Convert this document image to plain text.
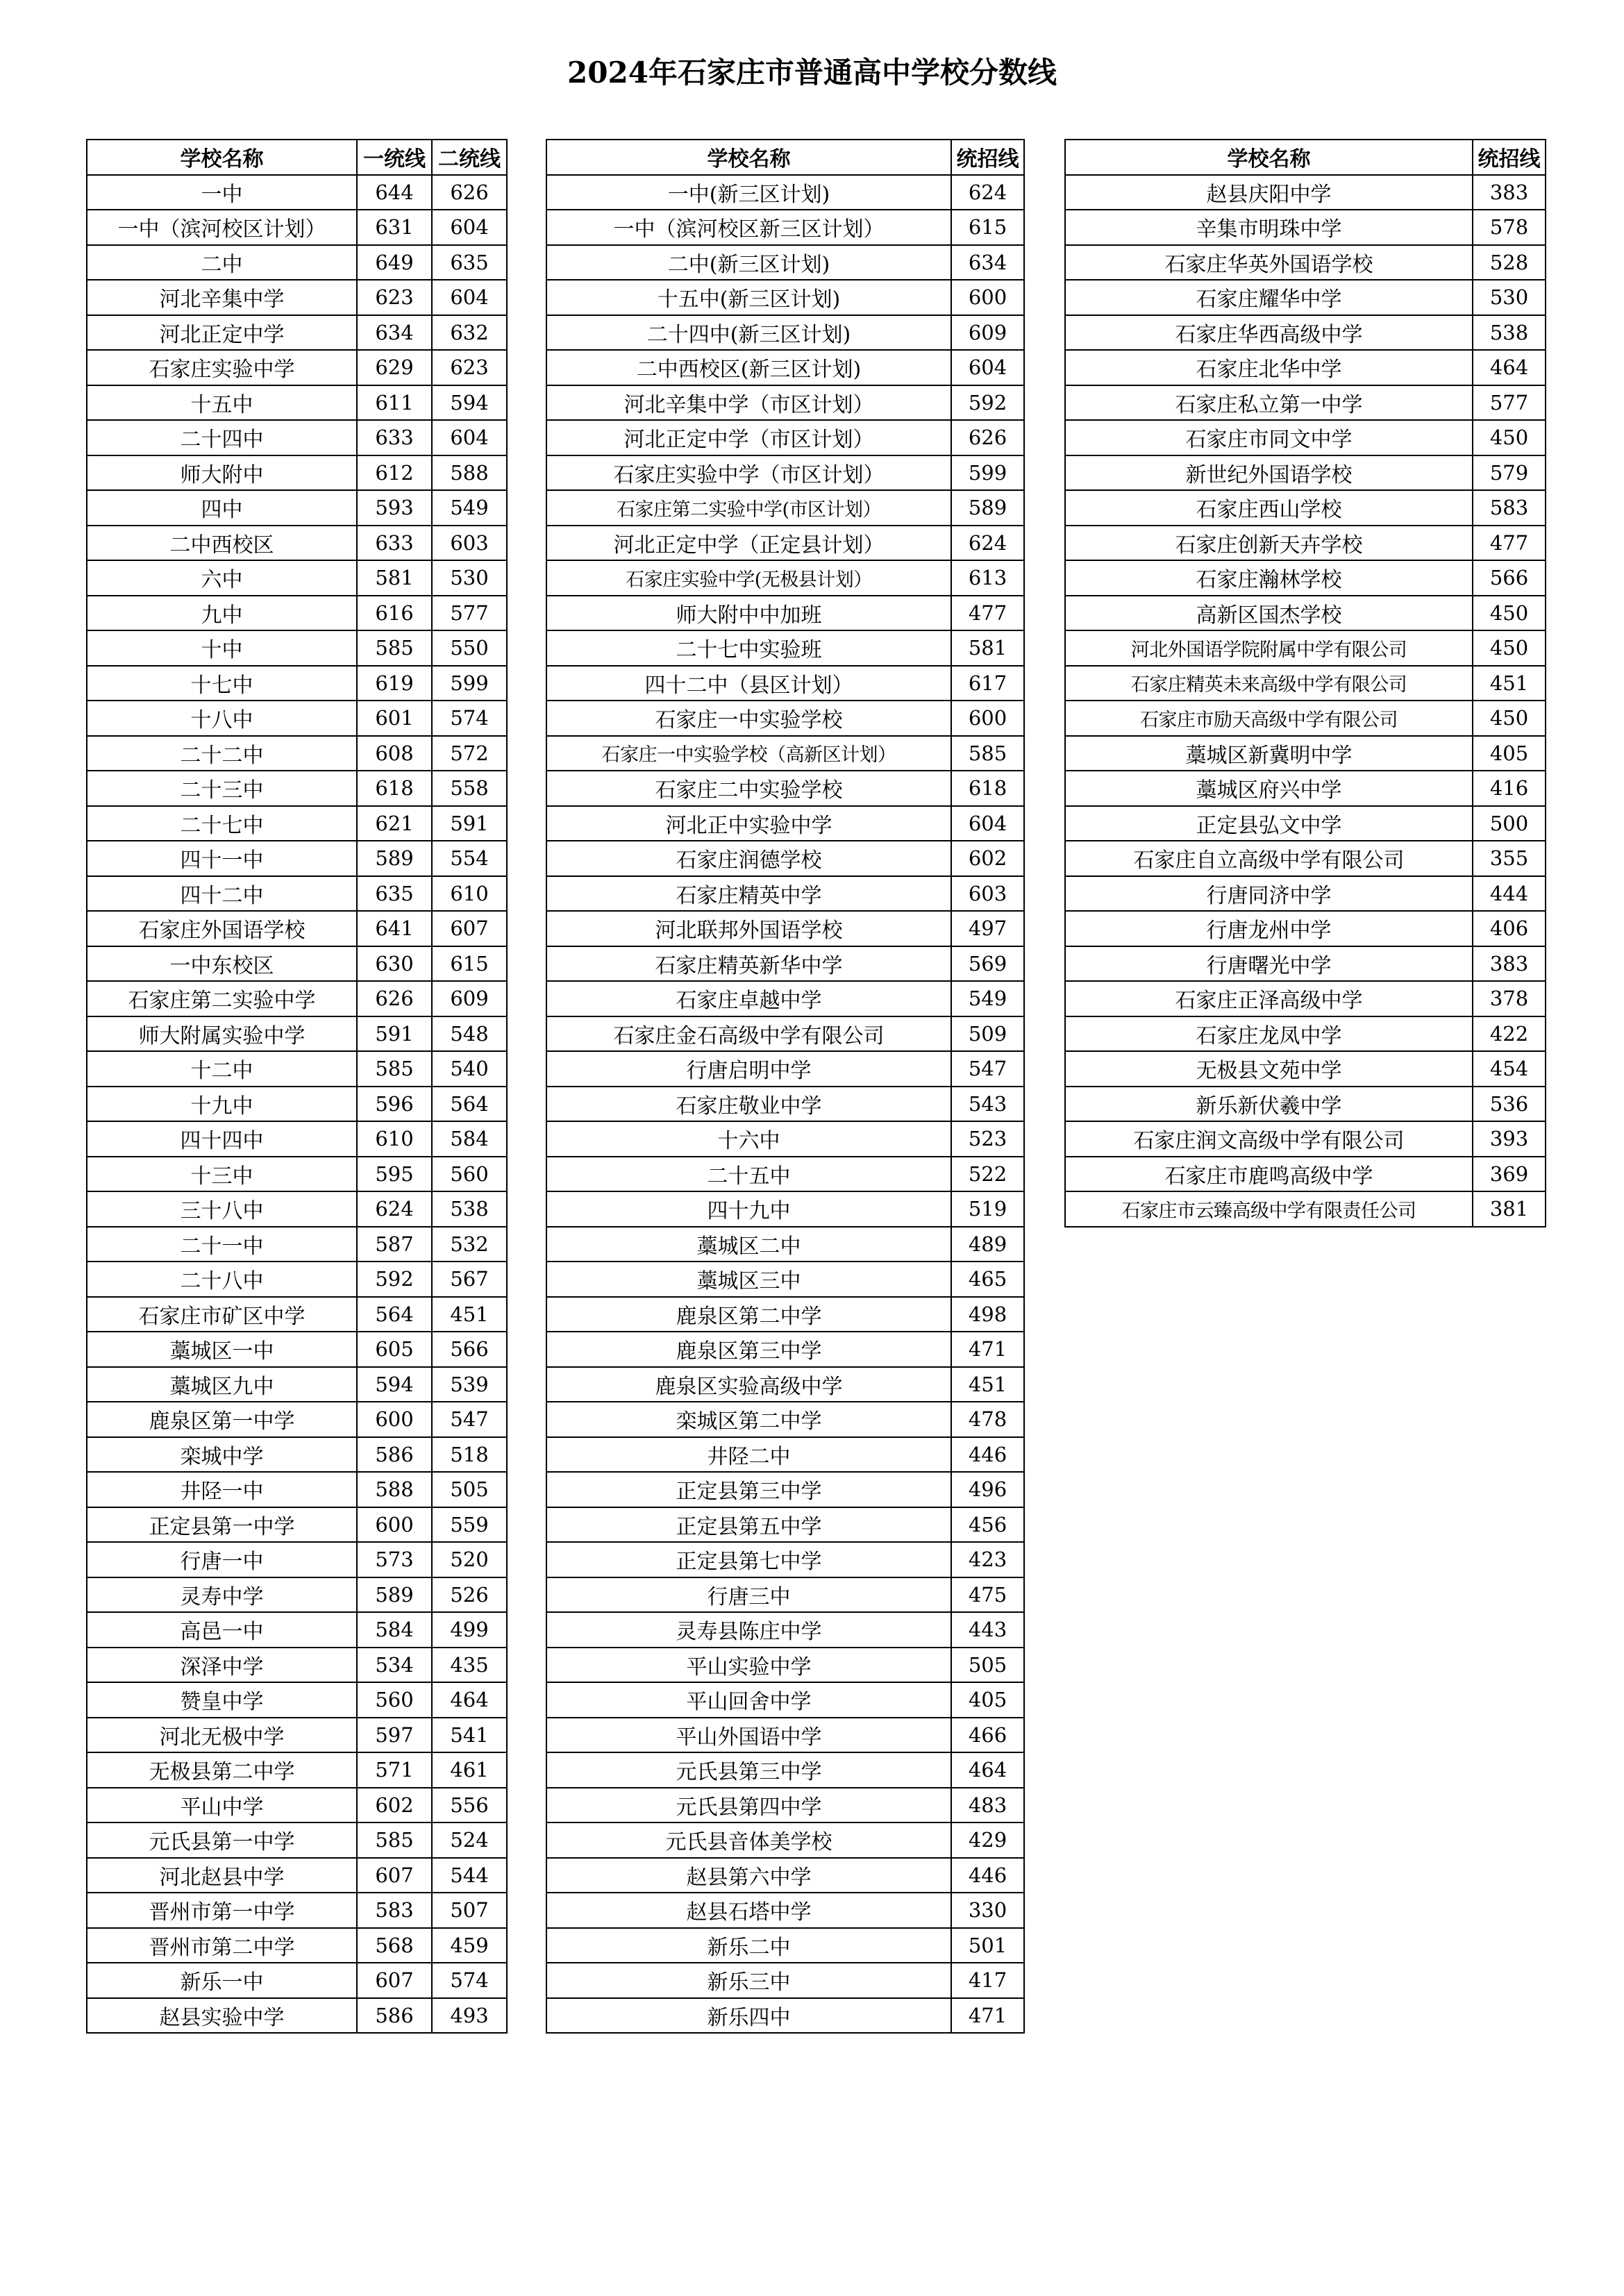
2024年石家庄市普通高中学校分数线
学校名称	一统线	二统线
一中	644	626
一中（滨河校区计划）	631	604
二中	649	635
河北辛集中学	623	604
河北正定中学	634	632
石家庄实验中学	629	623
十五中	611	594
二十四中	633	604
师大附中	612	588
四中	593	549
二中西校区	633	603
六中	581	530
九中	616	577
十中	585	550
十七中	619	599
十八中	601	574
二十二中	608	572
二十三中	618	558
二十七中	621	591
四十一中	589	554
四十二中	635	610
石家庄外国语学校	641	607
一中东校区	630	615
石家庄第二实验中学	626	609
师大附属实验中学	591	548
十二中	585	540
十九中	596	564
四十四中	610	584
十三中	595	560
三十八中	624	538
二十一中	587	532
二十八中	592	567
石家庄市矿区中学	564	451
藁城区一中	605	566
藁城区九中	594	539
鹿泉区第一中学	600	547
栾城中学	586	518
井陉一中	588	505
正定县第一中学	600	559
行唐一中	573	520
灵寿中学	589	526
高邑一中	584	499
深泽中学	534	435
赞皇中学	560	464
河北无极中学	597	541
无极县第二中学	571	461
平山中学	602	556
元氏县第一中学	585	524
河北赵县中学	607	544
晋州市第一中学	583	507
晋州市第二中学	568	459
新乐一中	607	574
赵县实验中学	586	493
学校名称	统招线
一中(新三区计划)	624
一中（滨河校区新三区计划）	615
二中(新三区计划)	634
十五中(新三区计划)	600
二十四中(新三区计划)	609
二中西校区(新三区计划)	604
河北辛集中学（市区计划）	592
河北正定中学（市区计划）	626
石家庄实验中学（市区计划）	599
石家庄第二实验中学(市区计划）	589
河北正定中学（正定县计划）	624
石家庄实验中学(无极县计划）	613
师大附中中加班	477
二十七中实验班	581
四十二中（县区计划）	617
石家庄一中实验学校	600
石家庄一中实验学校（高新区计划）	585
石家庄二中实验学校	618
河北正中实验中学	604
石家庄润德学校	602
石家庄精英中学	603
河北联邦外国语学校	497
石家庄精英新华中学	569
石家庄卓越中学	549
石家庄金石高级中学有限公司	509
行唐启明中学	547
石家庄敬业中学	543
十六中	523
二十五中	522
四十九中	519
藁城区二中	489
藁城区三中	465
鹿泉区第二中学	498
鹿泉区第三中学	471
鹿泉区实验高级中学	451
栾城区第二中学	478
井陉二中	446
正定县第三中学	496
正定县第五中学	456
正定县第七中学	423
行唐三中	475
灵寿县陈庄中学	443
平山实验中学	505
平山回舍中学	405
平山外国语中学	466
元氏县第三中学	464
元氏县第四中学	483
元氏县音体美学校	429
赵县第六中学	446
赵县石塔中学	330
新乐二中	501
新乐三中	417
新乐四中	471
学校名称	统招线
赵县庆阳中学	383
辛集市明珠中学	578
石家庄华英外国语学校	528
石家庄耀华中学	530
石家庄华西高级中学	538
石家庄北华中学	464
石家庄私立第一中学	577
石家庄市同文中学	450
新世纪外国语学校	579
石家庄西山学校	583
石家庄创新天卉学校	477
石家庄瀚林学校	566
高新区国杰学校	450
河北外国语学院附属中学有限公司	450
石家庄精英未来高级中学有限公司	451
石家庄市励天高级中学有限公司	450
藁城区新冀明中学	405
藁城区府兴中学	416
正定县弘文中学	500
石家庄自立高级中学有限公司	355
行唐同济中学	444
行唐龙州中学	406
行唐曙光中学	383
石家庄正泽高级中学	378
石家庄龙凤中学	422
无极县文苑中学	454
新乐新伏羲中学	536
石家庄润文高级中学有限公司	393
石家庄市鹿鸣高级中学	369
石家庄市云臻高级中学有限责任公司	381
